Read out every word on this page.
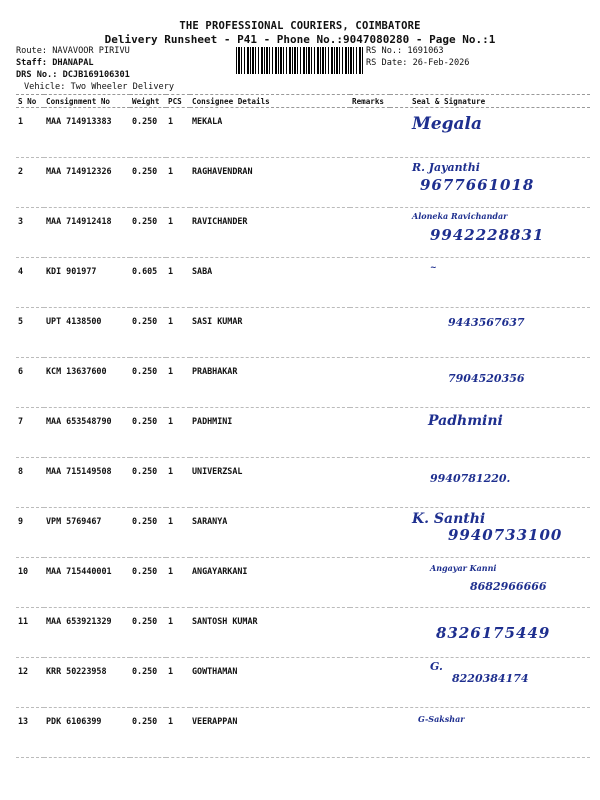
THE PROFESSIONAL COURIERS, COIMBATORE
Delivery Runsheet - P41 - Phone No.:9047080280 - Page No.:1
Route: NAVAVOOR PIRIVU
Staff: DHANAPAL
DRS No.: DCJB169106301
Vehicle: Two Wheeler Delivery
RS No.: 1691063
RS Date: 26-Feb-2026
S No	Consignment No	Weight	PCS	Consignee Details	Remarks	Seal & Signature
1	MAA 714913383	0.250	1	MEKALA		Megala

2	MAA 714912326	0.250	1	RAGHAVENDRAN		R. Jayanthi
9677661018

3	MAA 714912418	0.250	1	RAVICHANDER		Aloneka Ravichandar
9942228831

4	KDI 901977	0.605	1	SABA		~

5	UPT 4138500	0.250	1	SASI KUMAR		9443567637

6	KCM 13637600	0.250	1	PRABHAKAR		7904520356

7	MAA 653548790	0.250	1	PADHMINI		Padhmini

8	MAA 715149508	0.250	1	UNIVERZSAL		9940781220.

9	VPM 5769467	0.250	1	SARANYA		K. Santhi
9940733100

10	MAA 715440001	0.250	1	ANGAYARKANI		Angayar Kanni
8682966666

11	MAA 653921329	0.250	1	SANTOSH KUMAR		8326175449

12	KRR 50223958	0.250	1	GOWTHAMAN		G.
8220384174

13	PDK 6106399	0.250	1	VEERAPPAN		G-Sakshar
